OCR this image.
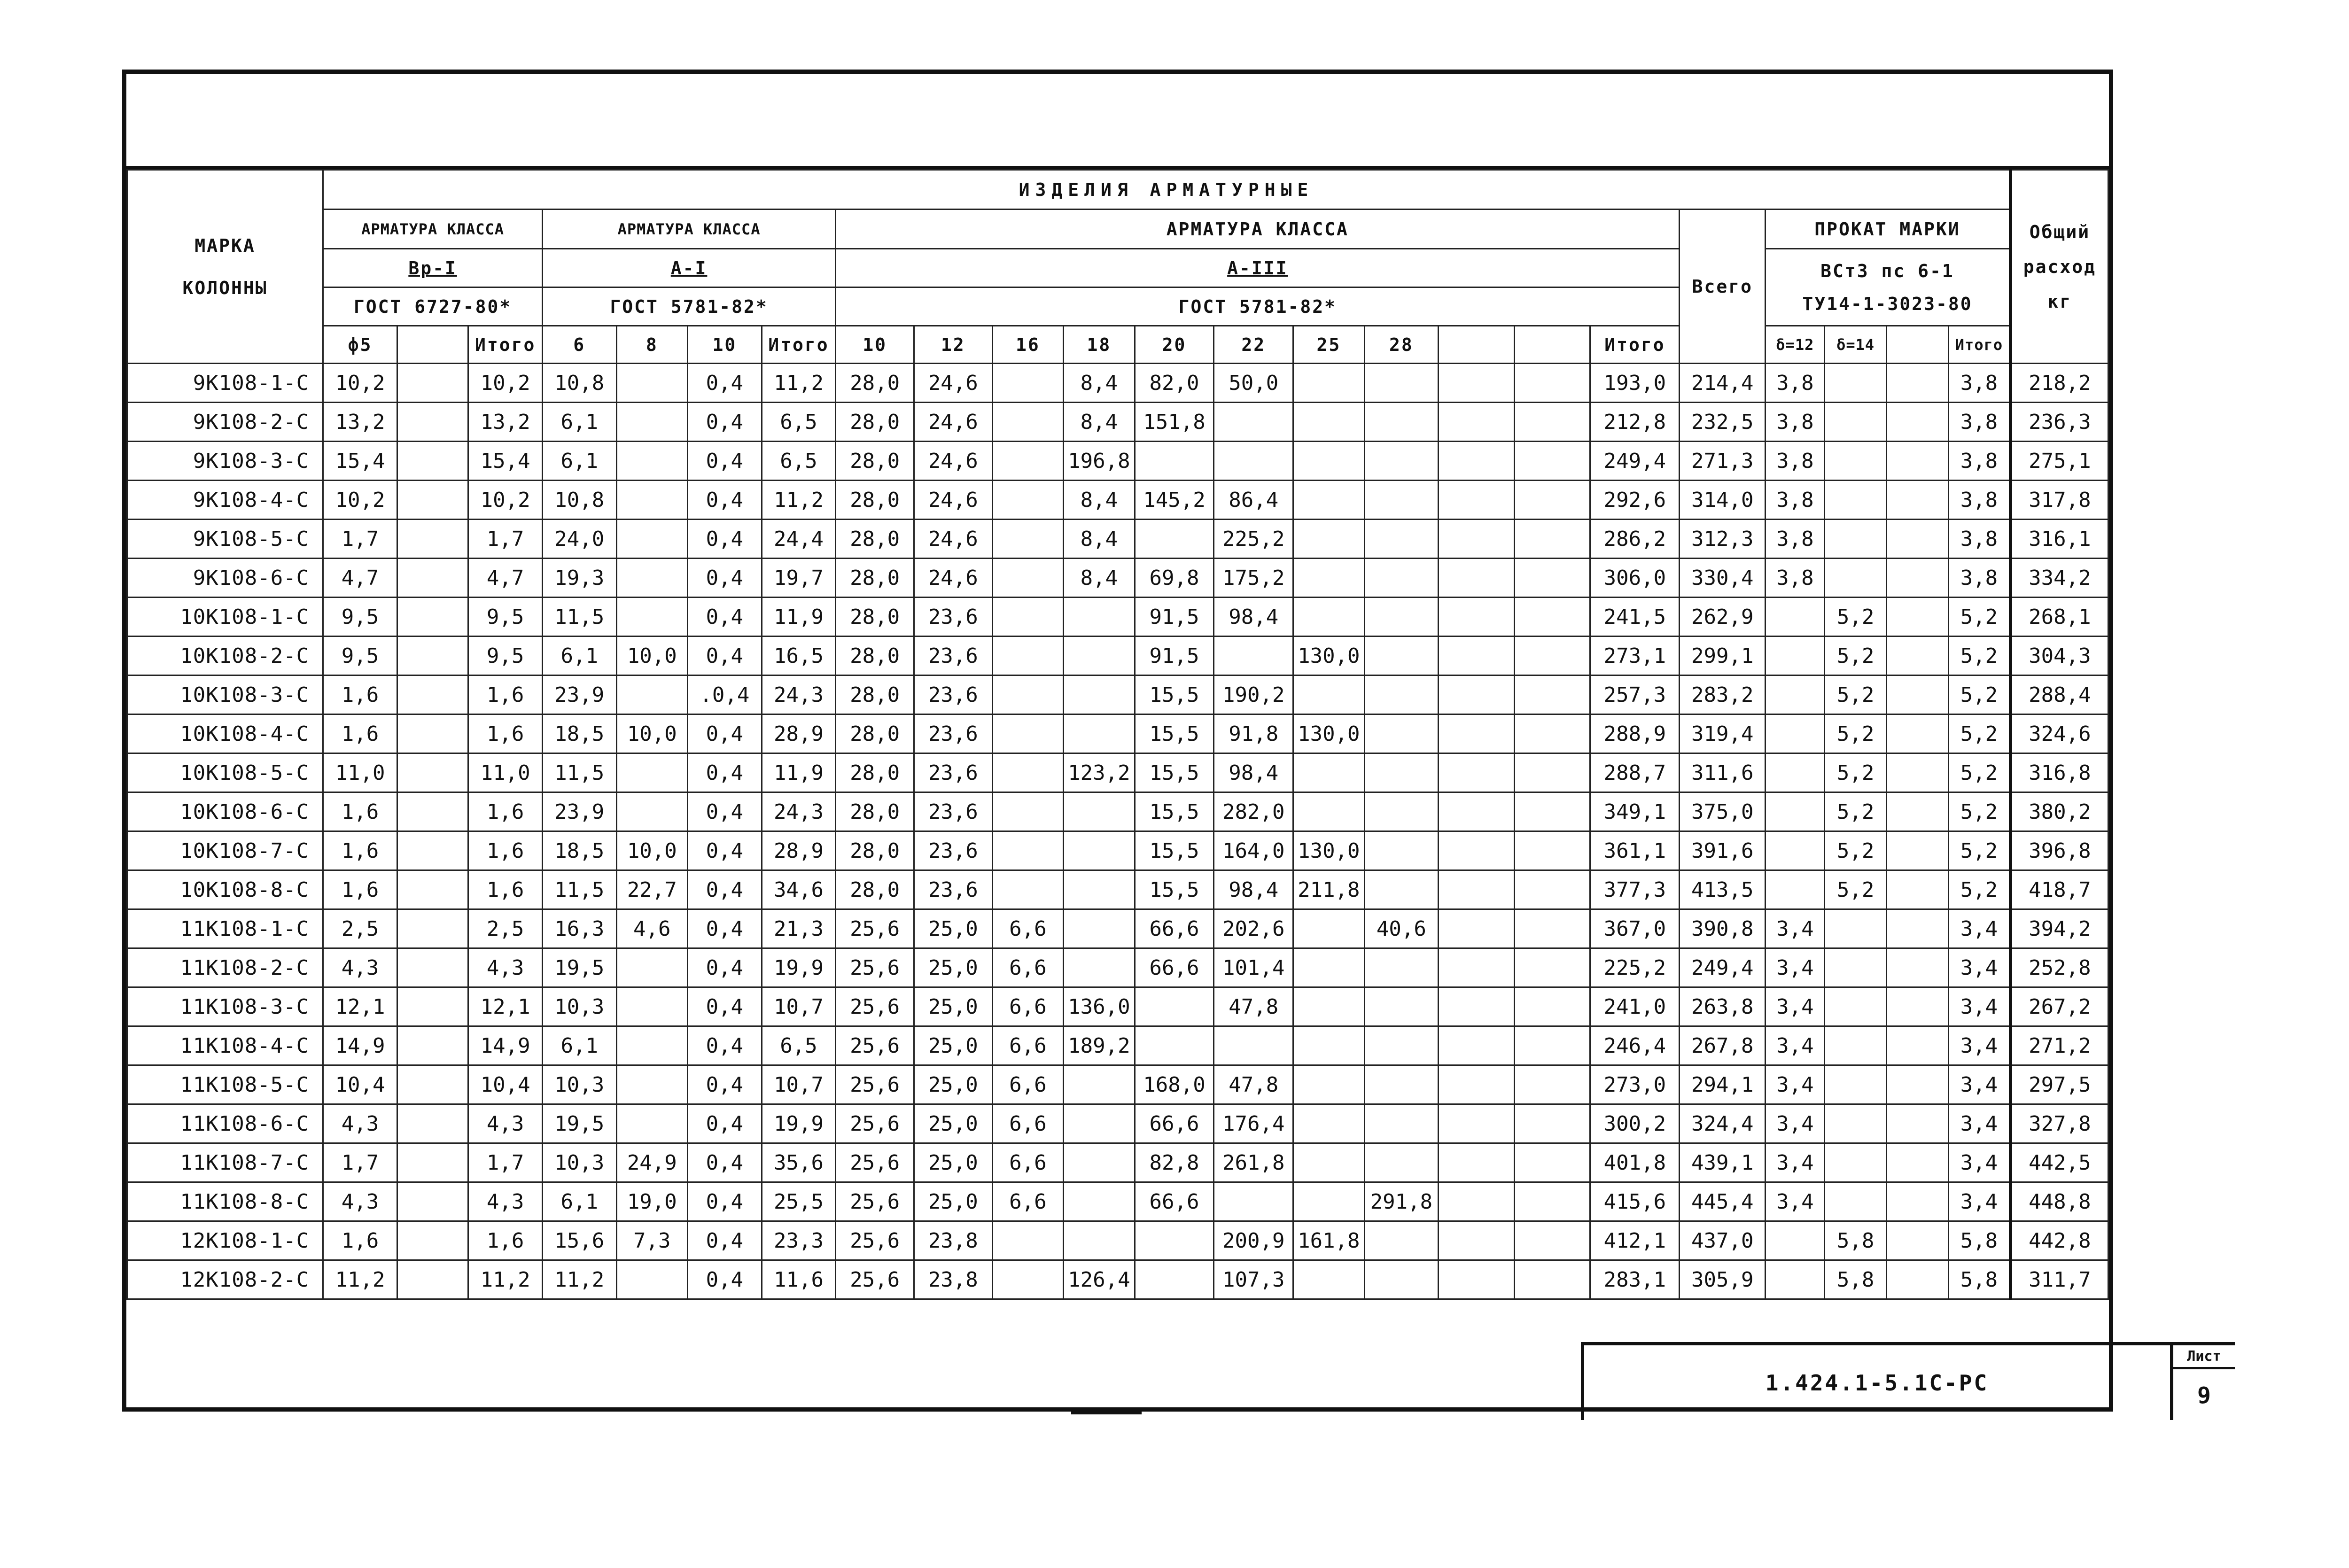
МАРКА КОЛОННЫ	ИЗДЕЛИЯ АРМАТУРНЫЕ																							Общий расход кг
	АРМАТУРА КЛАССА			АРМАТУРА КЛАССА				АРМАТУРА КЛАССА											Всего	ПРОКАТ МАРКИ				
	Вр-I			А-I				А-III												ВСт3 пс 6-1
ТУ14-1-3023-80				
	ГОСТ 6727-80*			ГОСТ 5781-82*				ГОСТ 5781-82*																
	ф5		Итого	6	8	10	Итого	10	12	16	18	20	22	25	28			Итого		δ=12	δ=14		Итого	
9К108-1-С	10,2		10,2	10,8		0,4	11,2	28,0	24,6		8,4	82,0	50,0					193,0	214,4	3,8			3,8	218,2
9К108-2-С	13,2		13,2	6,1		0,4	6,5	28,0	24,6		8,4	151,8						212,8	232,5	3,8			3,8	236,3
9К108-3-С	15,4		15,4	6,1		0,4	6,5	28,0	24,6		196,8							249,4	271,3	3,8			3,8	275,1
9К108-4-С	10,2		10,2	10,8		0,4	11,2	28,0	24,6		8,4	145,2	86,4					292,6	314,0	3,8			3,8	317,8
9К108-5-С	1,7		1,7	24,0		0,4	24,4	28,0	24,6		8,4		225,2					286,2	312,3	3,8			3,8	316,1
9К108-6-С	4,7		4,7	19,3		0,4	19,7	28,0	24,6		8,4	69,8	175,2					306,0	330,4	3,8			3,8	334,2
10К108-1-С	9,5		9,5	11,5		0,4	11,9	28,0	23,6			91,5	98,4					241,5	262,9		5,2		5,2	268,1
10К108-2-С	9,5		9,5	6,1	10,0	0,4	16,5	28,0	23,6			91,5		130,0				273,1	299,1		5,2		5,2	304,3
10К108-3-С	1,6		1,6	23,9		.0,4	24,3	28,0	23,6			15,5	190,2					257,3	283,2		5,2		5,2	288,4
10К108-4-С	1,6		1,6	18,5	10,0	0,4	28,9	28,0	23,6			15,5	91,8	130,0				288,9	319,4		5,2		5,2	324,6
10К108-5-С	11,0		11,0	11,5		0,4	11,9	28,0	23,6		123,2	15,5	98,4					288,7	311,6		5,2		5,2	316,8
10К108-6-С	1,6		1,6	23,9		0,4	24,3	28,0	23,6			15,5	282,0					349,1	375,0		5,2		5,2	380,2
10К108-7-С	1,6		1,6	18,5	10,0	0,4	28,9	28,0	23,6			15,5	164,0	130,0				361,1	391,6		5,2		5,2	396,8
10К108-8-С	1,6		1,6	11,5	22,7	0,4	34,6	28,0	23,6			15,5	98,4	211,8				377,3	413,5		5,2		5,2	418,7
11К108-1-С	2,5		2,5	16,3	4,6	0,4	21,3	25,6	25,0	6,6		66,6	202,6		40,6			367,0	390,8	3,4			3,4	394,2
11К108-2-С	4,3		4,3	19,5		0,4	19,9	25,6	25,0	6,6		66,6	101,4					225,2	249,4	3,4			3,4	252,8
11К108-3-С	12,1		12,1	10,3		0,4	10,7	25,6	25,0	6,6	136,0		47,8					241,0	263,8	3,4			3,4	267,2
11К108-4-С	14,9		14,9	6,1		0,4	6,5	25,6	25,0	6,6	189,2							246,4	267,8	3,4			3,4	271,2
11К108-5-С	10,4		10,4	10,3		0,4	10,7	25,6	25,0	6,6		168,0	47,8					273,0	294,1	3,4			3,4	297,5
11К108-6-С	4,3		4,3	19,5		0,4	19,9	25,6	25,0	6,6		66,6	176,4					300,2	324,4	3,4			3,4	327,8
11К108-7-С	1,7		1,7	10,3	24,9	0,4	35,6	25,6	25,0	6,6		82,8	261,8					401,8	439,1	3,4			3,4	442,5
11К108-8-С	4,3		4,3	6,1	19,0	0,4	25,5	25,6	25,0	6,6		66,6			291,8			415,6	445,4	3,4			3,4	448,8
12К108-1-С	1,6		1,6	15,6	7,3	0,4	23,3	25,6	23,8				200,9	161,8				412,1	437,0		5,8		5,8	442,8
12К108-2-С	11,2		11,2	11,2		0,4	11,6	25,6	23,8		126,4		107,3					283,1	305,9		5,8		5,8	311,7
1.424.1-5.1С-РС
Лист
9
